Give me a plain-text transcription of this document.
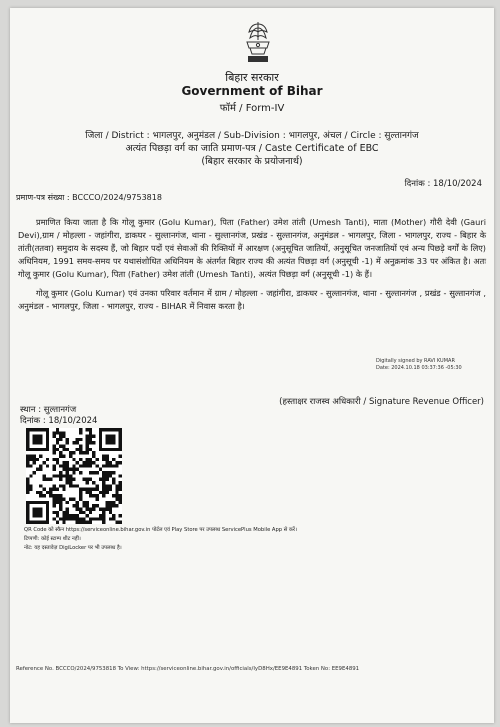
बिहार सरकार
Government of Bihar
फॉर्म / Form-IV
जिला / District : भागलपुर, अनुमंडल / Sub-Division : भागलपुर, अंचल / Circle : सुल्तानगंज
अत्यंत पिछड़ा वर्ग का जाति प्रमाण-पत्र / Caste Certificate of EBC
(बिहार सरकार के प्रयोजनार्थ)
दिनांक : 18/10/2024
प्रमाण-पत्र संख्या : BCCCO/2024/9753818

प्रमाणित किया जाता है कि गोलू कुमार (Golu Kumar), पिता (Father) उमेश तांती (Umesh Tanti), माता (Mother) गौरी देवी (Gauri Devi),ग्राम / मोहल्ला - जहांगीरा, डाकघर - सुल्तानगंज, थाना - सुल्तानगंज, प्रखंड - सुल्तानगंज, अनुमंडल - भागलपुर, जिला - भागलपुर, राज्य - बिहार के तांती(ततवा) समुदाय के सदस्य हैं, जो बिहार पदों एवं सेवाओं की रिक्तियों में आरक्षण (अनुसूचित जातियों, अनुसूचित जनजातियों एवं अन्य पिछड़े वर्गों के लिए) अधिनियम, 1991 समय-समय पर यथासंशोधित अधिनियम के अंतर्गत बिहार राज्य की अत्यंत पिछड़ा वर्ग (अनुसूची -1) में अनुक्रमांक 33 पर अंकित है। अतः गोलू कुमार (Golu Kumar), पिता (Father) उमेश तांती (Umesh Tanti), अत्यंत पिछड़ा वर्ग (अनुसूची -1) के हैं।

गोलू कुमार (Golu Kumar) एवं उनका परिवार वर्तमान में ग्राम / मोहल्ला - जहांगीरा, डाकघर - सुल्तानगंज, थाना - सुल्तानगंज , प्रखंड - सुल्तानगंज , अनुमंडल - भागलपुर, जिला - भागलपुर, राज्य - BIHAR में निवास करता है।

Digitally signed by RAVI KUMAR
Date: 2024.10.18 03:37:36 -05:30
(हस्ताक्षर राजस्व अधिकारी / Signature Revenue Officer)
स्थान : सुल्तानगंज
दिनांक : 18/10/2024
QR Code को स्कैन https://serviceonline.bihar.gov.in पोर्टल एवं Play Store पर उपलब्ध ServicePlus Mobile App से करें।
टिप्पणी: कोई स्टाम्प शीट नहीं।
नोट: यह दस्तावेज़ DigiLocker पर भी उपलब्ध है।
Reference No. BCCCO/2024/9753818 To View: https://serviceonline.bihar.gov.in/officials/IyD8Hx/EE9E4891 Token No: EE9E4891
